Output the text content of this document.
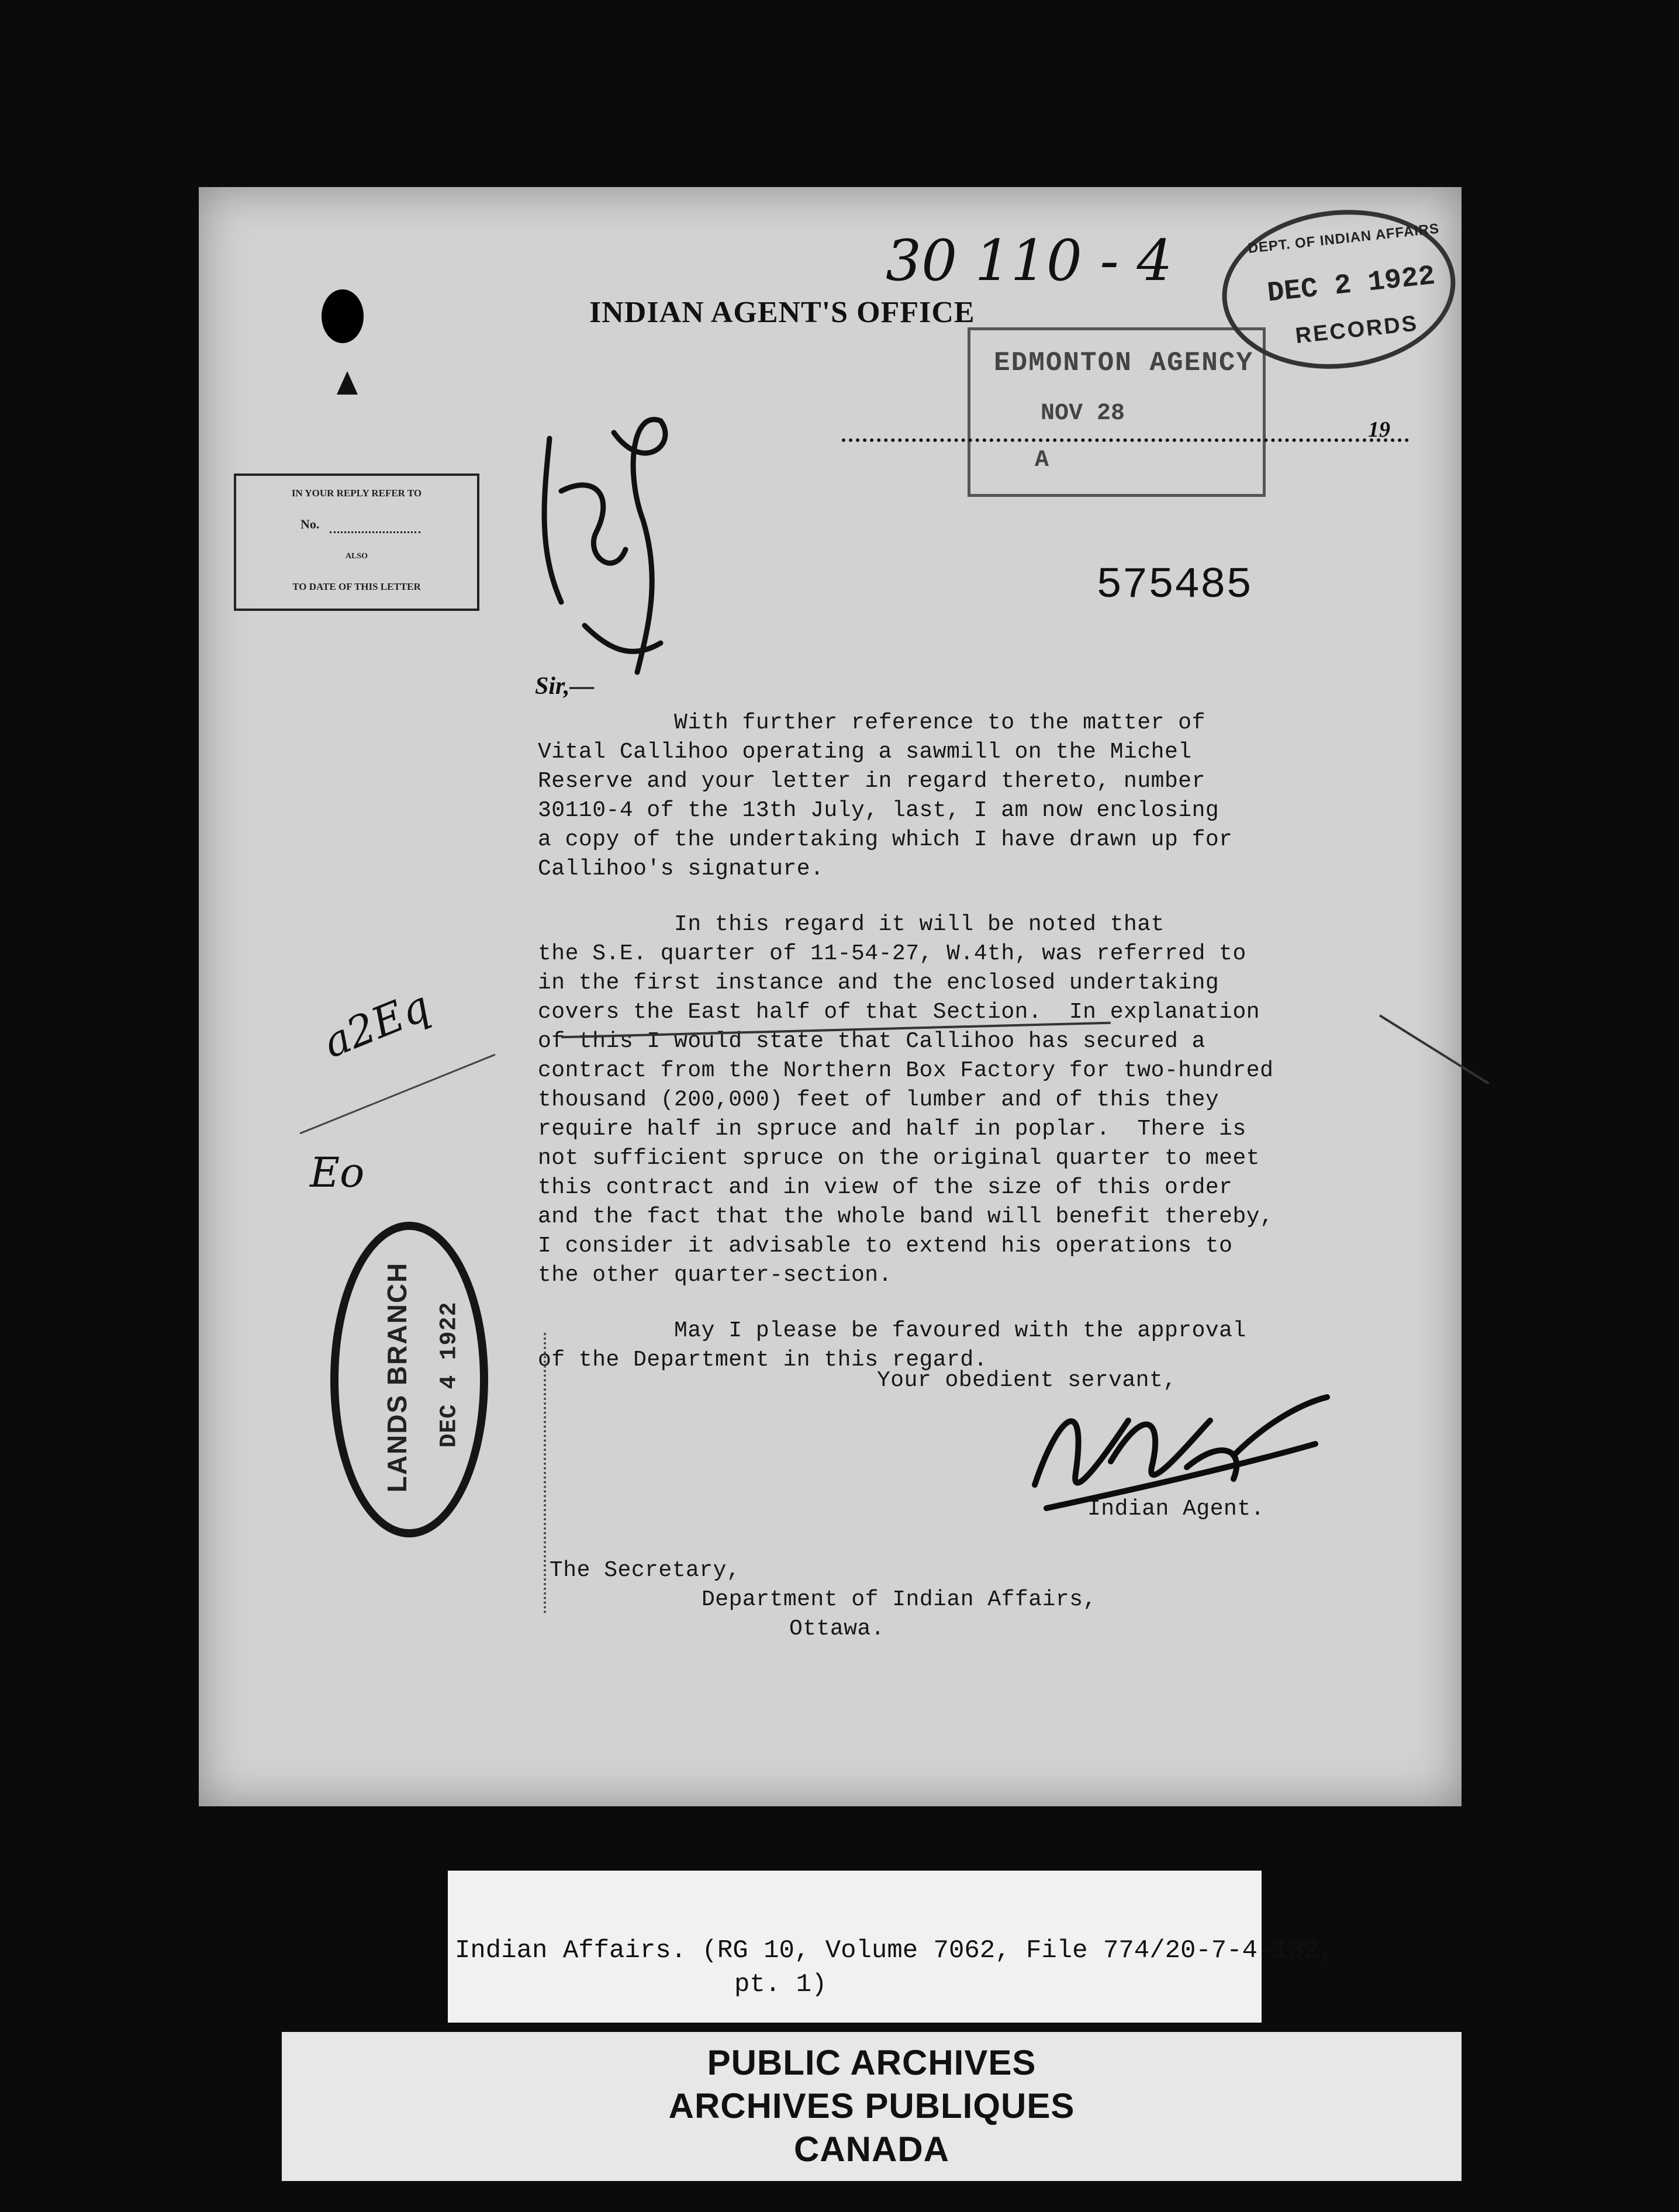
30 110 - 4
INDIAN AGENT'S OFFICE
EDMONTON AGENCY
NOV 28
A
DEPT. OF INDIAN AFFAIRS
DEC 2 1922
RECORDS
IN YOUR REPLY REFER TO
No.
ALSO
TO DATE OF THIS LETTER
19
575485
Sir,—
With further reference to the matter of
Vital Callihoo operating a sawmill on the Michel
Reserve and your letter in regard thereto, number
30110-4 of the 13th July, last, I am now enclosing
a copy of the undertaking which I have drawn up for
Callihoo's signature.
In this regard it will be noted that
the S.E. quarter of 11-54-27, W.4th, was referred to
in the first instance and the enclosed undertaking
covers the East half of that Section.  In explanation
of this I would state that Callihoo has secured a
contract from the Northern Box Factory for two-hundred
thousand (200,000) feet of lumber and of this they
require half in spruce and half in poplar.  There is
not sufficient spruce on the original quarter to meet
this contract and in view of the size of this order
and the fact that the whole band will benefit thereby,
I consider it advisable to extend his operations to
the other quarter-section.
May I please be favoured with the approval
of the Department in this regard.
a2Eq
Eo
LANDS BRANCH DEC 4 1922	Your obedient servant,
Indian Agent.
The Secretary,
Department of Indian Affairs,
Ottawa.
Indian Affairs. (RG 10, Volume 7062, File 774/20-7-4-132,
pt. 1)
PUBLIC ARCHIVES
ARCHIVES PUBLIQUES
CANADA
